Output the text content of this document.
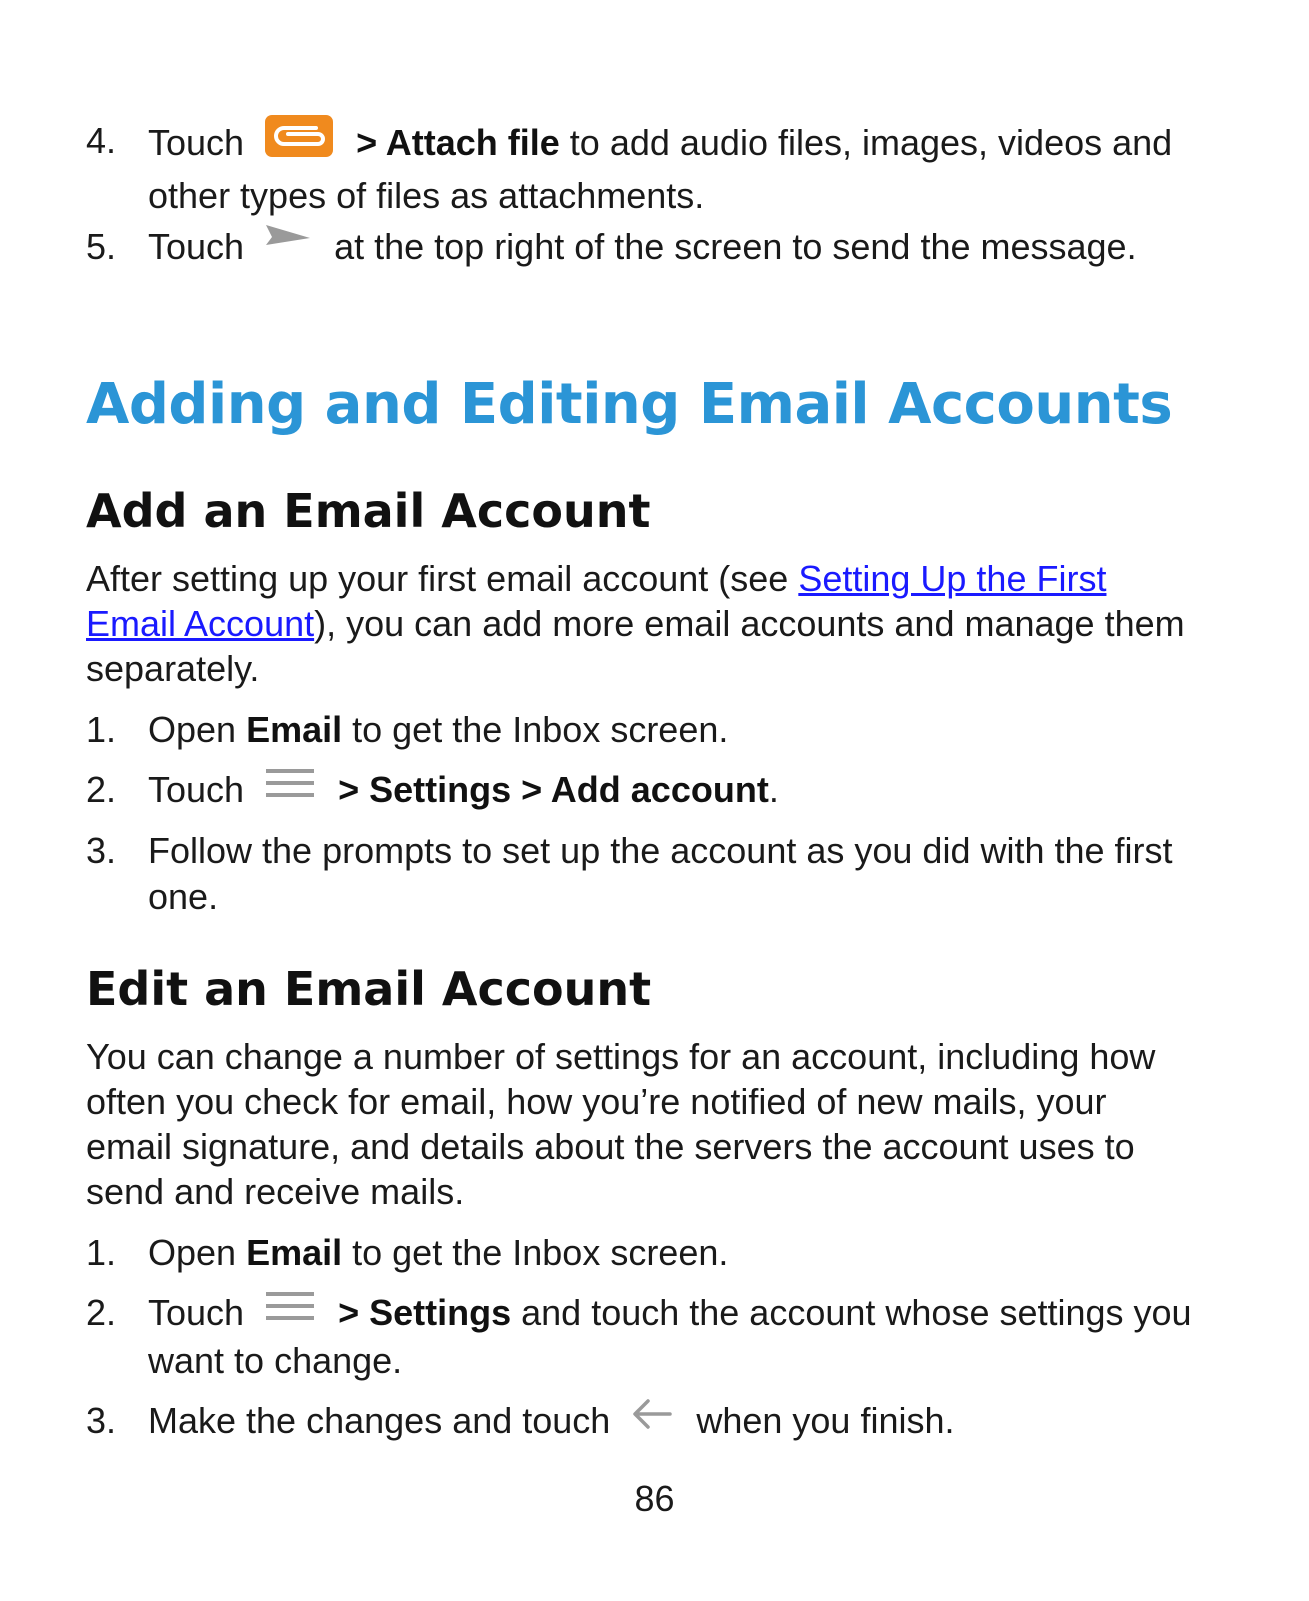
4. Touch	> Attach file to add audio files, images, videos and other types of files as attachments.
5. Touch	at the top right of the screen to send the message.
Adding and Editing Email Accounts
Add an Email Account

After setting up your first email account (see Setting Up the First Email Account), you can add more email accounts and manage them separately.

1. Open Email to get the Inbox screen.
2. Touch	> Settings > Add account.
3. Follow the prompts to set up the account as you did with the first one.
Edit an Email Account

You can change a number of settings for an account, including how often you check for email, how you’re notified of new mails, your email signature, and details about the servers the account uses to send and receive mails.

1. Open Email to get the Inbox screen.
2. Touch	> Settings and touch the account whose settings you want to change.
3. Make the changes and touch when you finish.
86
